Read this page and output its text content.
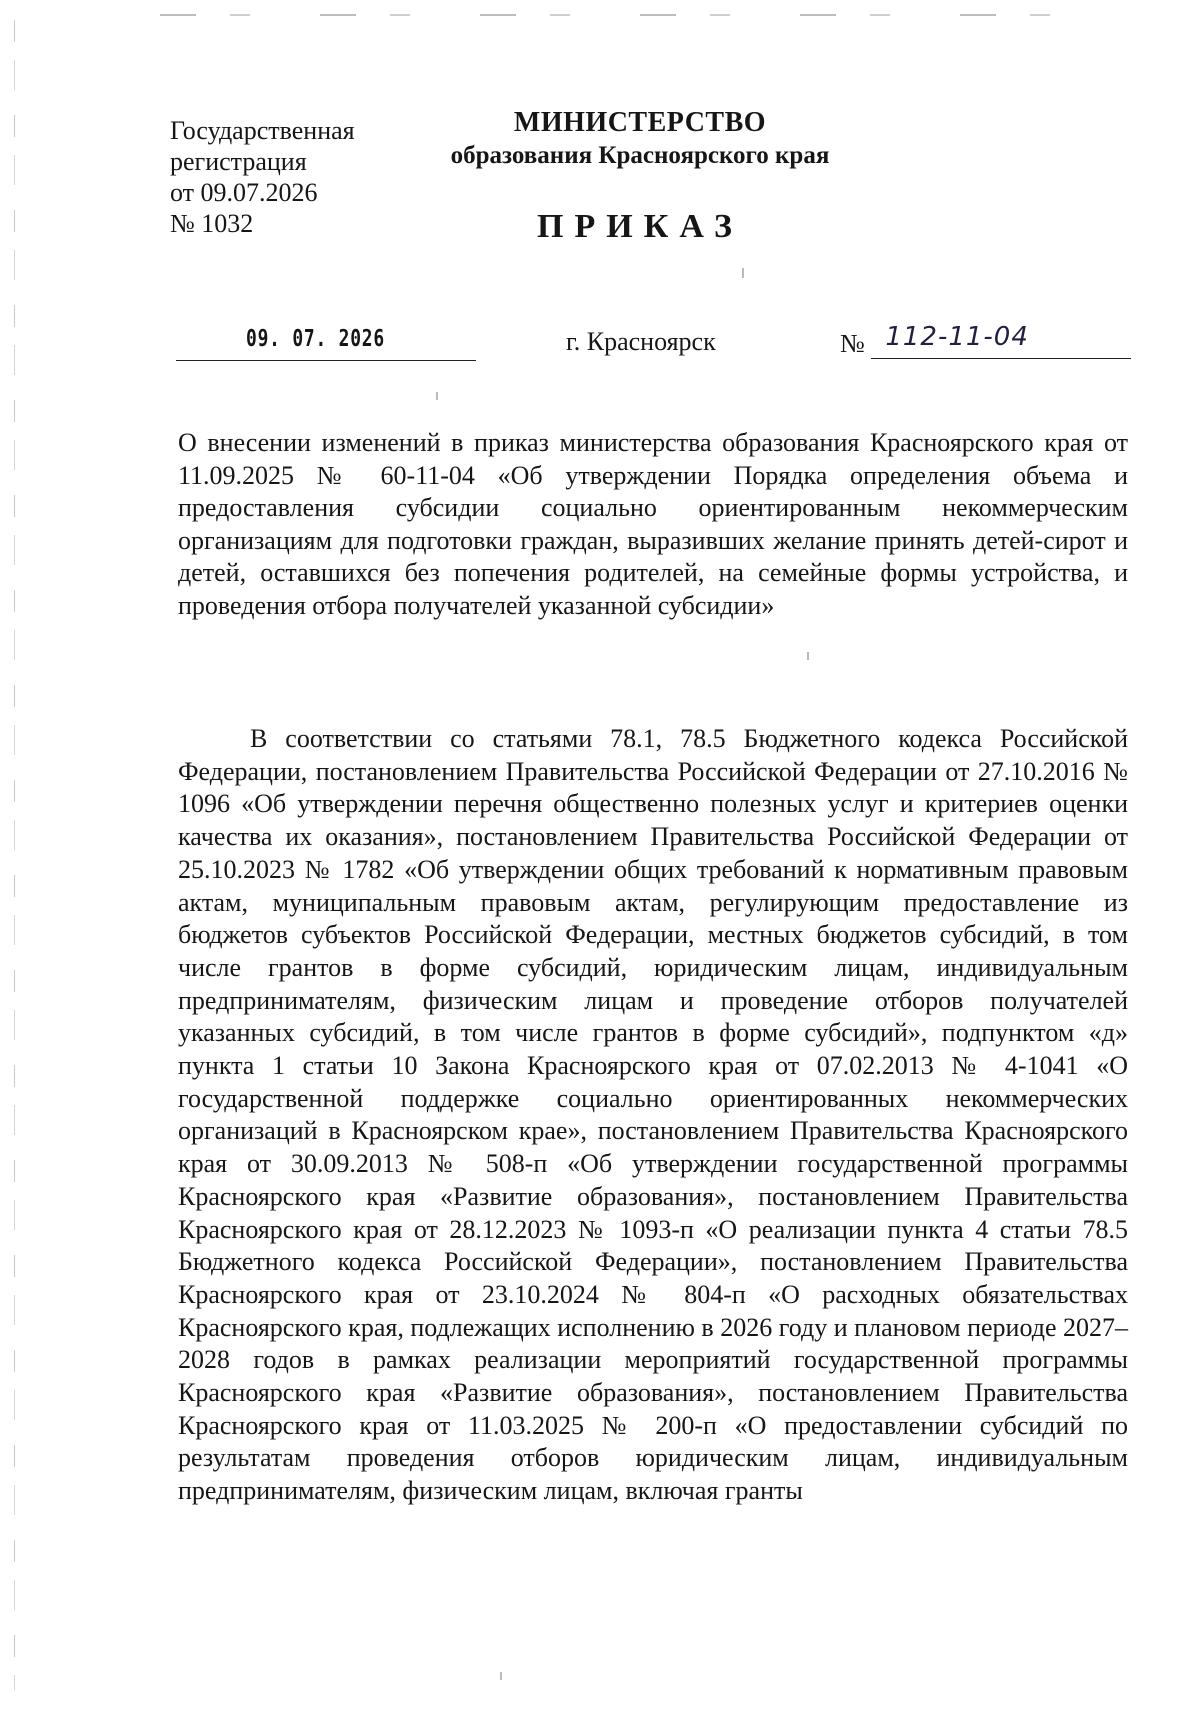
Государственная
регистрация
от 09.07.2026
№ 1032
МИНИСТЕРСТВО
образования Красноярского края
ПРИКАЗ
09. 07. 2026	г. Красноярск	№ 112-11-04
О внесении изменений в приказ министерства образования Красноярского края от 11.09.2025 № 60-11-04 «Об утверждении Порядка определения объема и предоставления субсидии социально ориентированным некоммерческим организациям для подготовки граждан, выразивших желание принять детей-сирот и детей, оставшихся без попечения родителей, на семейные формы устройства, и проведения отбора получателей указанной субсидии»
В соответствии со статьями 78.1, 78.5 Бюджетного кодекса Российской Федерации, постановлением Правительства Российской Федерации от 27.10.2016 № 1096 «Об утверждении перечня общественно полезных услуг и критериев оценки качества их оказания», постановлением Правительства Российской Федерации от 25.10.2023 № 1782 «Об утверждении общих требований к нормативным правовым актам, муниципальным правовым актам, регулирующим предоставление из бюджетов субъектов Российской Федерации, местных бюджетов субсидий, в том числе грантов в форме субсидий, юридическим лицам, индивидуальным предпринимателям, физическим лицам и проведение отборов получателей указанных субсидий, в том числе грантов в форме субсидий», подпунктом «д» пункта 1 статьи 10 Закона Красноярского края от 07.02.2013 № 4-1041 «О государственной поддержке социально ориентированных некоммерческих организаций в Красноярском крае», постановлением Правительства Красноярского края от 30.09.2013 № 508-п «Об утверждении государственной программы Красноярского края «Развитие образования», постановлением Правительства Красноярского края от 28.12.2023 № 1093-п «О реализации пункта 4 статьи 78.5 Бюджетного кодекса Российской Федерации», постановлением Правительства Красноярского края от 23.10.2024 № 804-п «О расходных обязательствах Красноярского края, подлежащих исполнению в 2026 году и плановом периоде 2027–2028 годов в рамках реализации мероприятий государственной программы Красноярского края «Развитие образования», постановлением Правительства Красноярского края от 11.03.2025 № 200-п «О предоставлении субсидий по результатам проведения отборов юридическим лицам, индивидуальным предпринимателям, физическим лицам, включая гранты
